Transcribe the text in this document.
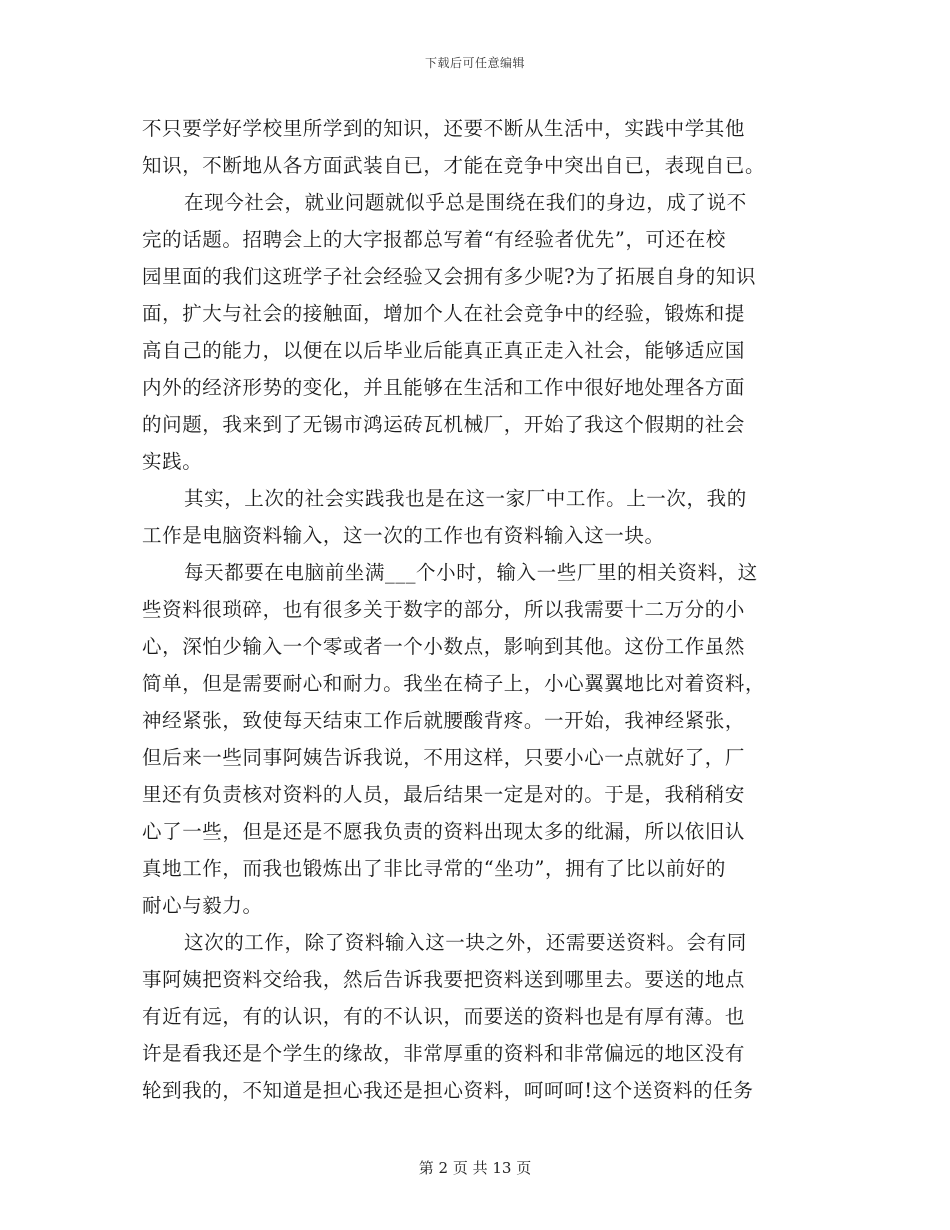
下载后可任意编辑

不只要学好学校里所学到的知识，还要不断从生活中，实践中学其他
知识，不断地从各方面武装自已，才能在竞争中突出自已，表现自已。

在现今社会，就业问题就似乎总是围绕在我们的身边，成了说不
完的话题。招聘会上的大字报都总写着“有经验者优先”，可还在校
园里面的我们这班学子社会经验又会拥有多少呢?为了拓展自身的知识
面，扩大与社会的接触面，增加个人在社会竞争中的经验，锻炼和提
高自己的能力，以便在以后毕业后能真正真正走入社会，能够适应国
内外的经济形势的变化，并且能够在生活和工作中很好地处理各方面
的问题，我来到了无锡市鸿运砖瓦机械厂，开始了我这个假期的社会
实践。

其实，上次的社会实践我也是在这一家厂中工作。上一次，我的
工作是电脑资料输入，这一次的工作也有资料输入这一块。

每天都要在电脑前坐满___个小时，输入一些厂里的相关资料，这
些资料很琐碎，也有很多关于数字的部分，所以我需要十二万分的小
心，深怕少输入一个零或者一个小数点，影响到其他。这份工作虽然
简单，但是需要耐心和耐力。我坐在椅子上，小心翼翼地比对着资料，
神经紧张，致使每天结束工作后就腰酸背疼。一开始，我神经紧张，
但后来一些同事阿姨告诉我说，不用这样，只要小心一点就好了，厂
里还有负责核对资料的人员，最后结果一定是对的。于是，我稍稍安
心了一些，但是还是不愿我负责的资料出现太多的纰漏，所以依旧认
真地工作，而我也锻炼出了非比寻常的“坐功”，拥有了比以前好的
耐心与毅力。

这次的工作，除了资料输入这一块之外，还需要送资料。会有同
事阿姨把资料交给我，然后告诉我要把资料送到哪里去。要送的地点
有近有远，有的认识，有的不认识，而要送的资料也是有厚有薄。也
许是看我还是个学生的缘故，非常厚重的资料和非常偏远的地区没有
轮到我的，不知道是担心我还是担心资料，呵呵呵!这个送资料的任务

第 2 页 共 13 页
